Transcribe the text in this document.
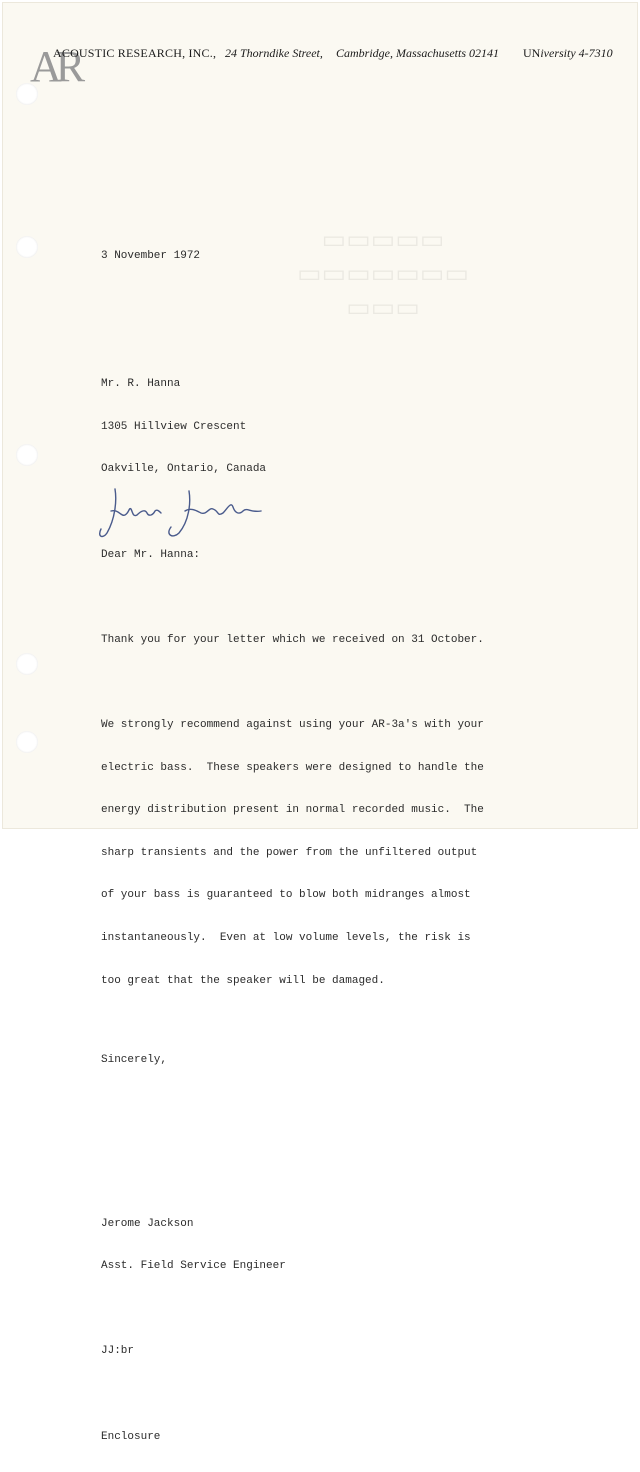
▭▭▭▭▭
▭▭▭▭▭▭▭
▭▭▭
AR
ACOUSTIC RESEARCH, INC., 24 Thorndike Street, Cambridge, Massachusetts 02141 UNiversity 4-7310

3 November 1972

Mr. R. Hanna

1305 Hillview Crescent

Oakville, Ontario, Canada

Dear Mr. Hanna:

Thank you for your letter which we received on 31 October.

We strongly recommend against using your AR-3a's with your

electric bass.  These speakers were designed to handle the

energy distribution present in normal recorded music.  The

sharp transients and the power from the unfiltered output

of your bass is guaranteed to blow both midranges almost

instantaneously.  Even at low volume levels, the risk is

too great that the speaker will be damaged.

Sincerely,

Jerome Jackson

Asst. Field Service Engineer

JJ:br

Enclosure
